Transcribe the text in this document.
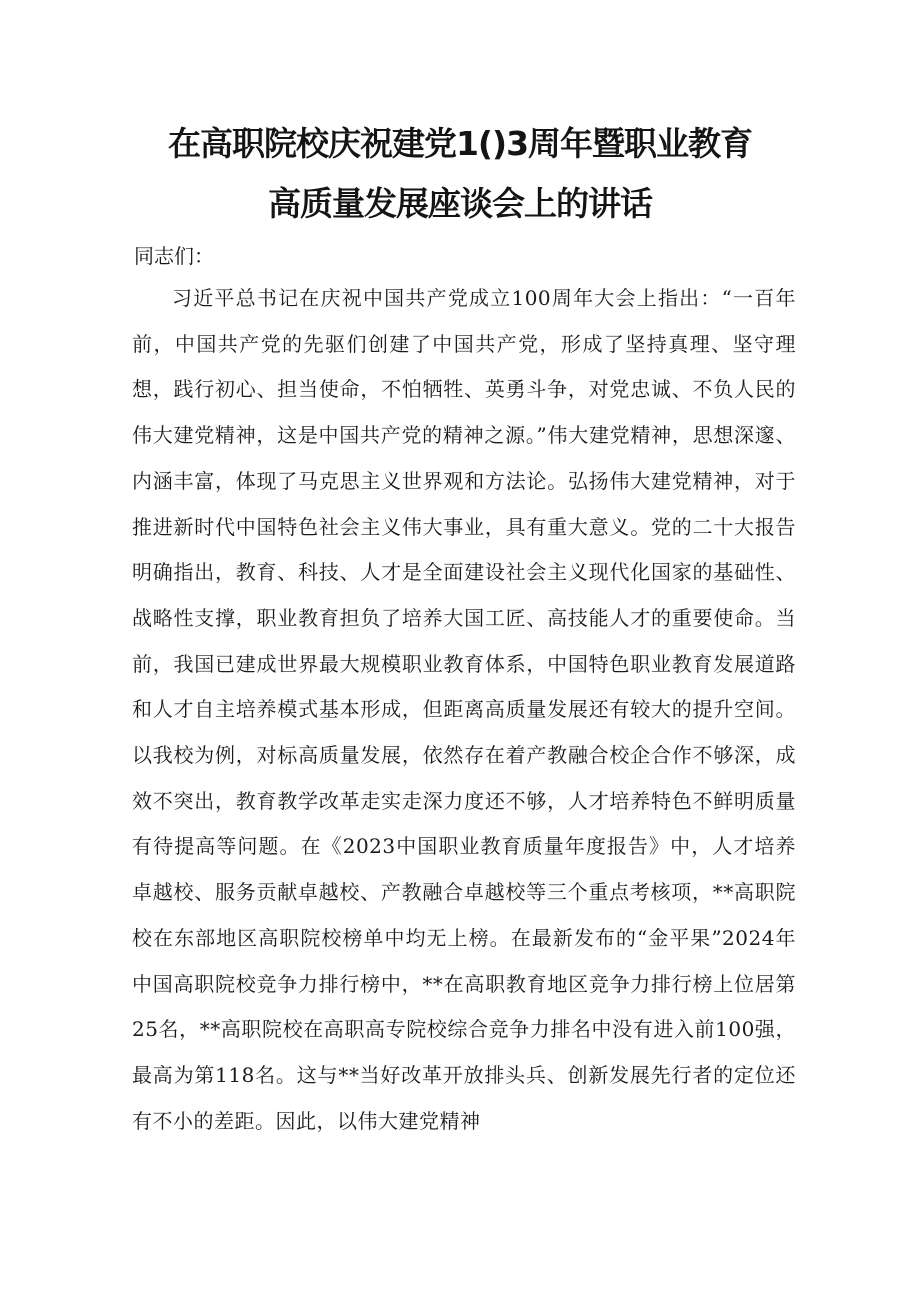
在高职院校庆祝建党1()3周年暨职业教育
高质量发展座谈会上的讲话
同志们：

习近平总书记在庆祝中国共产党成立100周年大会上指出：“一百年前，中国共产党的先驱们创建了中国共产党，形成了坚持真理、坚守理想，践行初心、担当使命，不怕牺牲、英勇斗争，对党忠诚、不负人民的伟大建党精神，这是中国共产党的精神之源。”伟大建党精神，思想深邃、内涵丰富，体现了马克思主义世界观和方法论。弘扬伟大建党精神，对于推进新时代中国特色社会主义伟大事业，具有重大意义。党的二十大报告明确指出，教育、科技、人才是全面建设社会主义现代化国家的基础性、战略性支撑，职业教育担负了培养大国工匠、高技能人才的重要使命。当前，我国已建成世界最大规模职业教育体系，中国特色职业教育发展道路和人才自主培养模式基本形成，但距离高质量发展还有较大的提升空间。以我校为例，对标高质量发展，依然存在着产教融合校企合作不够深，成效不突出，教育教学改革走实走深力度还不够，人才培养特色不鲜明质量有待提高等问题。在《2023中国职业教育质量年度报告》中，人才培养卓越校、服务贡献卓越校、产教融合卓越校等三个重点考核项，**高职院校在东部地区高职院校榜单中均无上榜。在最新发布的“金平果”2024年中国高职院校竞争力排行榜中，**在高职教育地区竞争力排行榜上位居第25名，**高职院校在高职高专院校综合竞争力排名中没有进入前100强，最高为第118名。这与**当好改革开放排头兵、创新发展先行者的定位还有不小的差距。因此，以伟大建党精神
